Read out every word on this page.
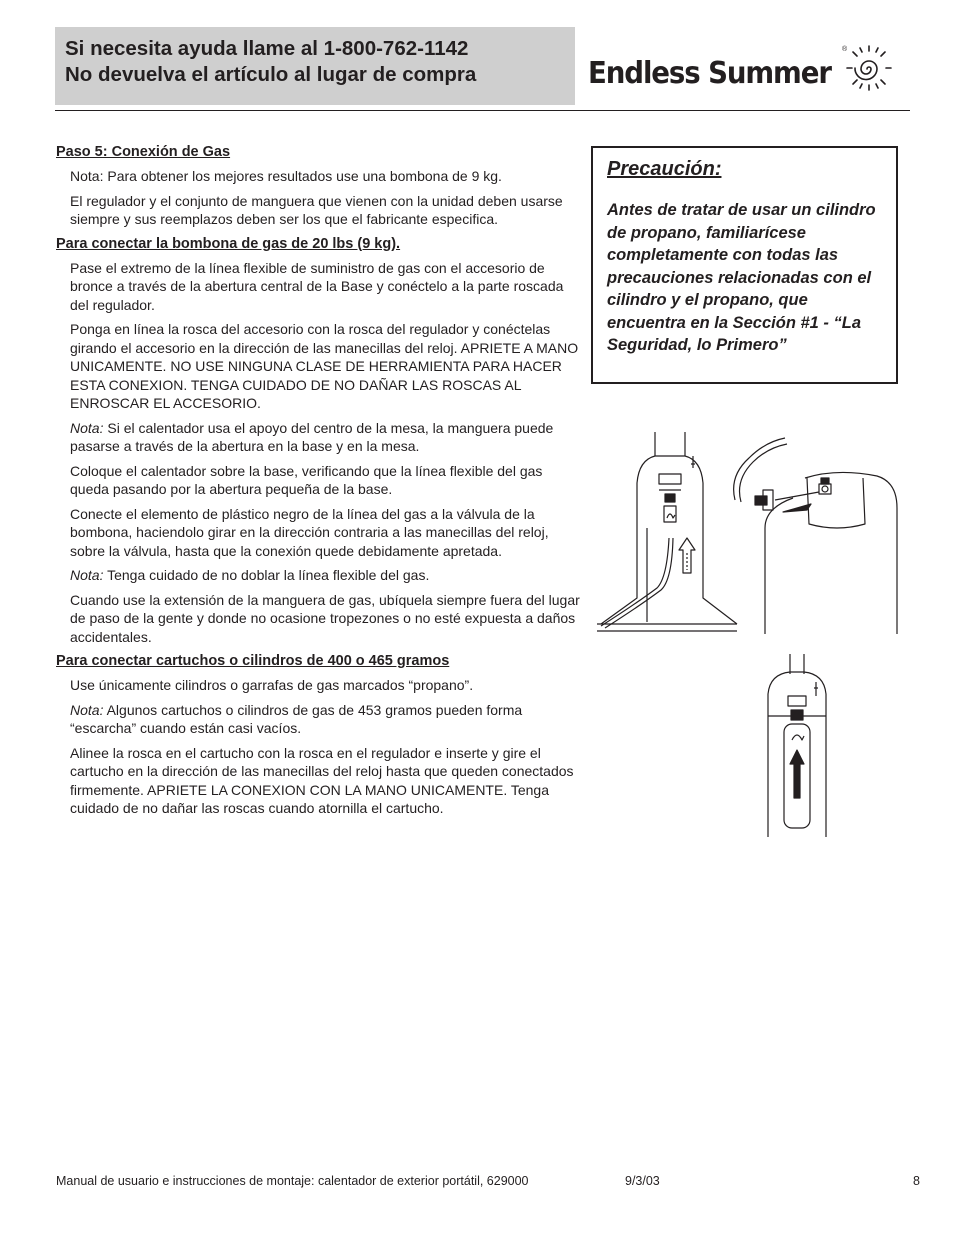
Si necesita ayuda llame al 1-800-762-1142
No devuelva el artículo al lugar de compra	Endless Summer
®
Paso 5: Conexión de Gas

Nota: Para obtener los mejores resultados use una bombona de 9 kg.

El regulador y el conjunto de manguera que vienen con la unidad deben usarse siempre y sus reemplazos deben ser los que el fabricante especifica.

Para conectar la bombona de gas de 20 lbs (9 kg).

Pase el extremo de la línea flexible de suministro de gas con el accesorio de bronce a través de la abertura central de la Base y conéctelo a la parte roscada del regulador.

Ponga en línea la rosca del accesorio con la rosca del regulador y conéctelas girando el accesorio en la dirección de las manecillas del reloj. APRIETE A MANO UNICAMENTE. NO USE NINGUNA CLASE DE HERRAMIENTA PARA HACER ESTA CONEXION. TENGA CUIDADO DE NO DAÑAR LAS ROSCAS AL ENROSCAR EL ACCESORIO.

Nota: Si el calentador usa el apoyo del centro de la mesa, la manguera puede pasarse a través de la abertura en la base y en la mesa.

Coloque el calentador sobre la base, verificando que la línea flexible del gas queda pasando por la abertura pequeña de la base.

Conecte el elemento de plástico negro de la línea del gas a la válvula de la bombona, haciendolo girar en la dirección contraria a las manecillas del reloj, sobre la válvula, hasta que la conexión quede debidamente apretada.

Nota: Tenga cuidado de no doblar la línea flexible del gas.

Cuando use la extensión de la manguera de gas, ubíquela siempre fuera del lugar de paso de la gente y donde no ocasione tropezones o no esté expuesta a daños accidentales.

Para conectar cartuchos o cilindros de 400 o 465 gramos

Use únicamente cilindros o garrafas de gas marcados “propano”.

Nota: Algunos cartuchos o cilindros de gas de 453 gramos pueden forma “escarcha” cuando están casi vacíos.

Alinee la rosca en el cartucho con la rosca en el regulador e inserte y gire el cartucho en la dirección de las manecillas del reloj hasta que queden conectados firmemente. APRIETE LA CONEXION CON LA MANO UNICAMENTE. Tenga cuidado de no dañar las roscas cuando atornilla el cartucho.

Precaución:
Antes de tratar de usar un cilindro de propano, familiarícese completamente con todas las precauciones relacionadas con el cilindro y el propano, que encuentra en la Sección #1 - “La Seguridad, lo Primero”
Manual de usuario e instrucciones de montaje: calentador de exterior portátil, 629000	9/3/03	8
